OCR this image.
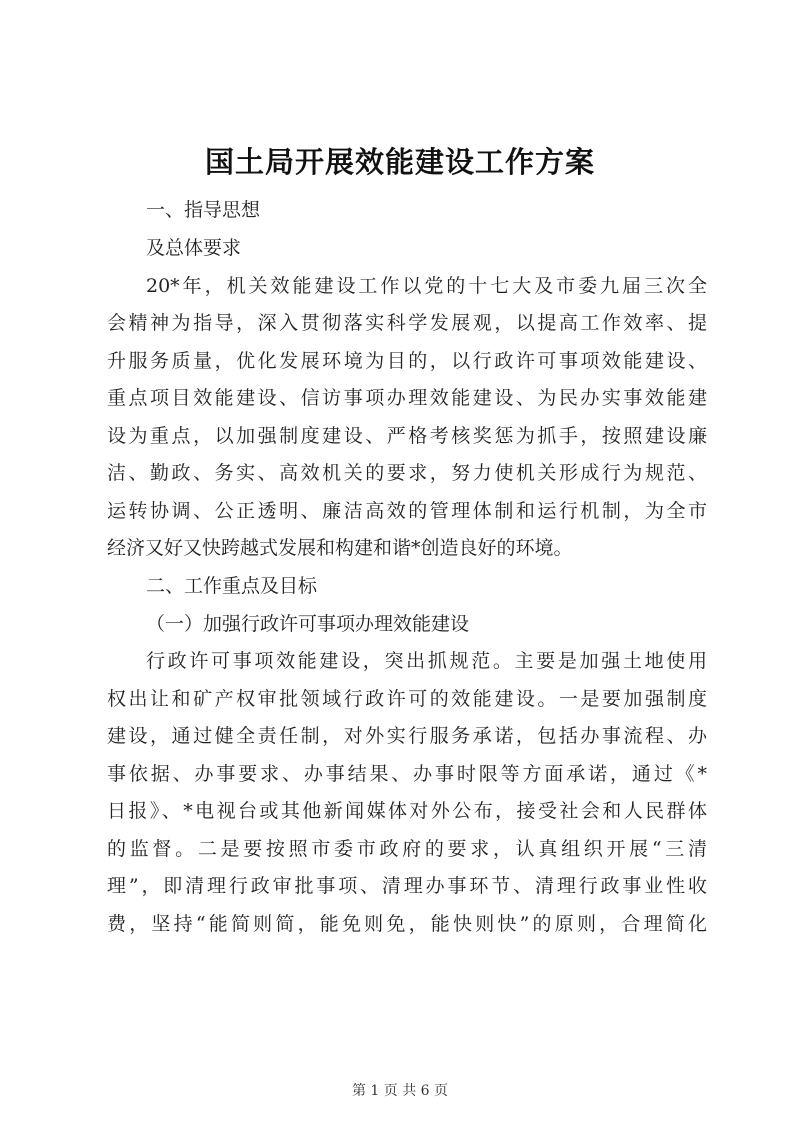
国土局开展效能建设工作方案
一、指导思想
及总体要求
20*年，机关效能建设工作以党的十七大及市委九届三次全
会精神为指导，深入贯彻落实科学发展观，以提高工作效率、提
升服务质量，优化发展环境为目的，以行政许可事项效能建设、
重点项目效能建设、信访事项办理效能建设、为民办实事效能建
设为重点，以加强制度建设、严格考核奖惩为抓手，按照建设廉
洁、勤政、务实、高效机关的要求，努力使机关形成行为规范、
运转协调、公正透明、廉洁高效的管理体制和运行机制，为全市
经济又好又快跨越式发展和构建和谐*创造良好的环境。
二、工作重点及目标
（一）加强行政许可事项办理效能建设
行政许可事项效能建设，突出抓规范。主要是加强土地使用
权出让和矿产权审批领域行政许可的效能建设。一是要加强制度
建设，通过健全责任制，对外实行服务承诺，包括办事流程、办
事依据、办事要求、办事结果、办事时限等方面承诺，通过《*
日报》、*电视台或其他新闻媒体对外公布，接受社会和人民群体
的监督。二是要按照市委市政府的要求，认真组织开展“三清
理”，即清理行政审批事项、清理办事环节、清理行政事业性收
费，坚持“能简则简，能免则免，能快则快”的原则，合理简化
第 1 页 共 6 页
